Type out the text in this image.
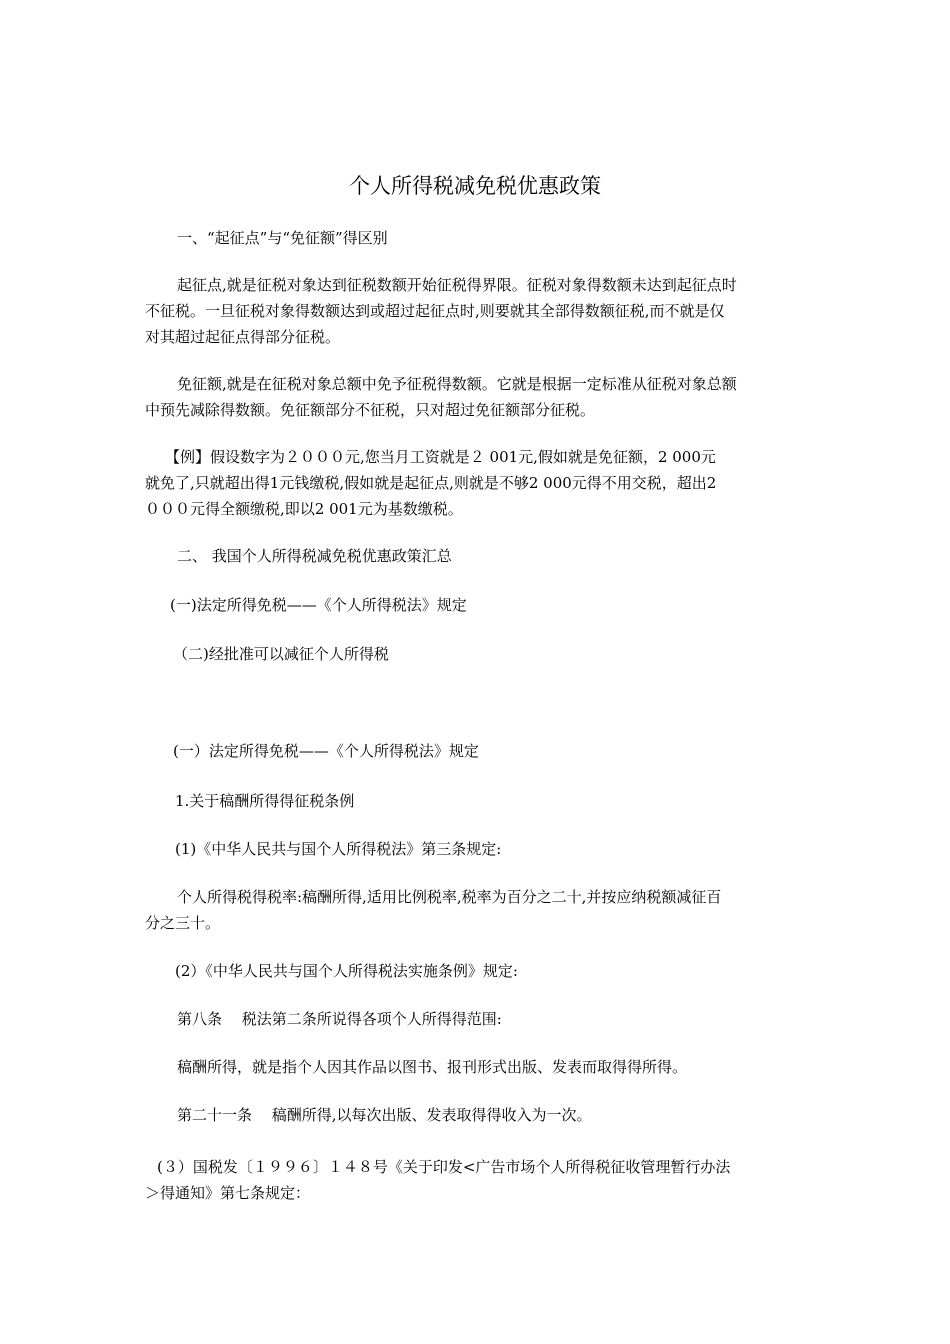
个人所得税减免税优惠政策
一、“起征点”与“免征额”得区别
起征点,就是征税对象达到征税数额开始征税得界限。征税对象得数额未达到起征点时
不征税。一旦征税对象得数额达到或超过起征点时,则要就其全部得数额征税,而不就是仅
对其超过起征点得部分征税。
免征额,就是在征税对象总额中免予征税得数额。它就是根据一定标准从征税对象总额
中预先减除得数额。免征额部分不征税，只对超过免征额部分征税。
【例】假设数字为２０００元,您当月工资就是２ 001元,假如就是免征额，2 000元
就免了,只就超出得1元钱缴税,假如就是起征点,则就是不够2 000元得不用交税，超出2
０００元得全额缴税,即以2 001元为基数缴税。
二、 我国个人所得税减免税优惠政策汇总
(一)法定所得免税——《个人所得税法》规定
（二)经批准可以减征个人所得税
(一）法定所得免税——《个人所得税法》规定
1.关于稿酬所得得征税条例
(1)《中华人民共与国个人所得税法》第三条规定:
个人所得税得税率:稿酬所得,适用比例税率,税率为百分之二十,并按应纳税额减征百
分之三十。
(2）《中华人民共与国个人所得税法实施条例》规定:
第八条　 税法第二条所说得各项个人所得得范围:
稿酬所得，就是指个人因其作品以图书、报刊形式出版、发表而取得得所得。
第二十一条　 稿酬所得,以每次出版、发表取得得收入为一次。
(３）国税发〔１９９６〕１４８号《关于印发<广告市场个人所得税征收管理暂行办法
＞得通知》第七条规定：
